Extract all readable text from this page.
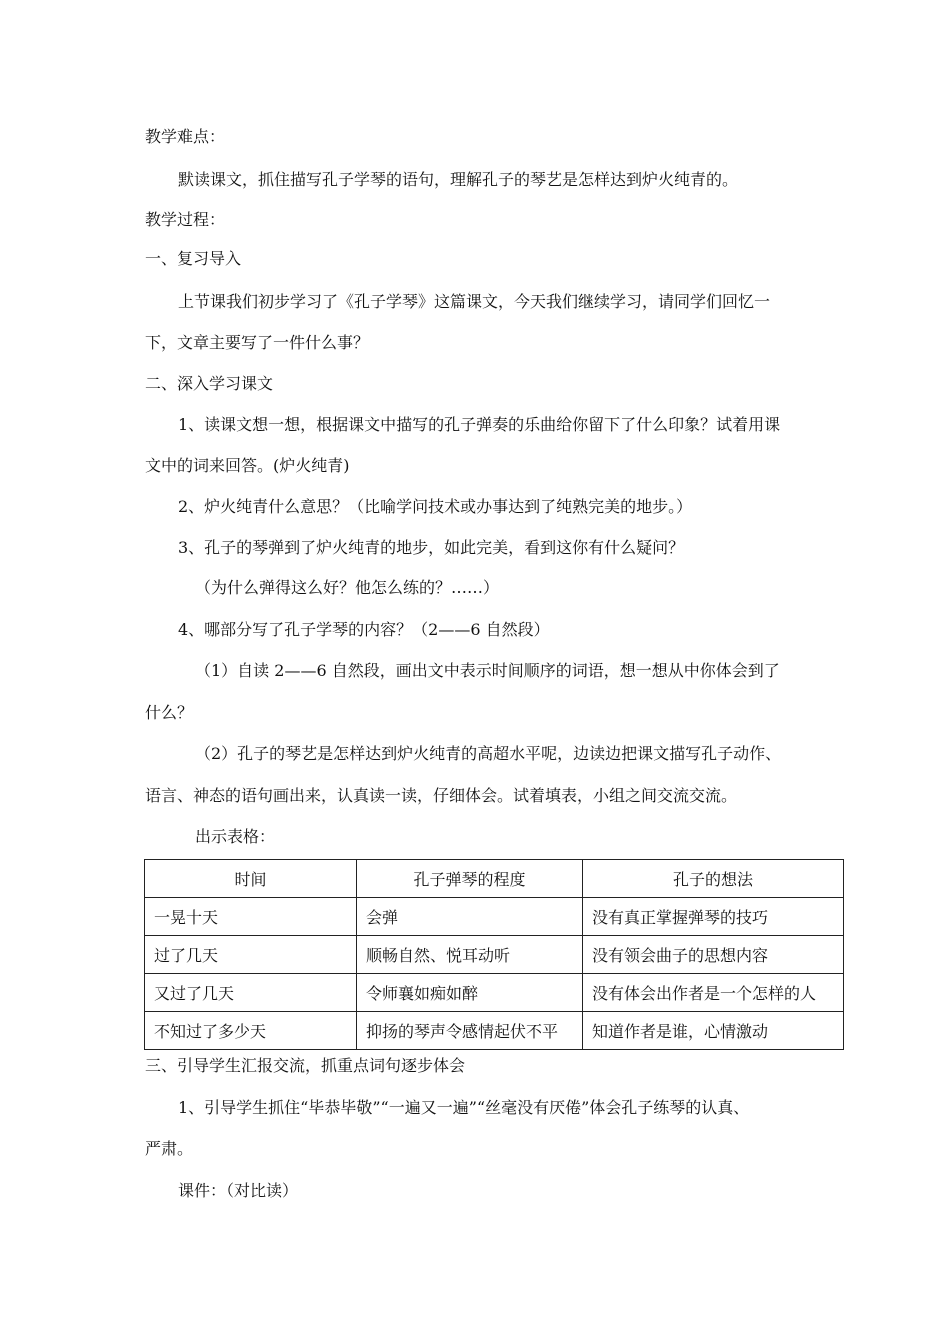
教学难点：
默读课文，抓住描写孔子学琴的语句，理解孔子的琴艺是怎样达到炉火纯青的。
教学过程：
一、复习导入
上节课我们初步学习了《孔子学琴》这篇课文，今天我们继续学习，请同学们回忆一
下，文章主要写了一件什么事？
二、深入学习课文
1、读课文想一想，根据课文中描写的孔子弹奏的乐曲给你留下了什么印象？试着用课
文中的词来回答。(炉火纯青)
2、炉火纯青什么意思？（比喻学问技术或办事达到了纯熟完美的地步。）
3、孔子的琴弹到了炉火纯青的地步，如此完美，看到这你有什么疑问？
（为什么弹得这么好？他怎么练的？……）
4、哪部分写了孔子学琴的内容？（2——6 自然段）
（1）自读 2——6 自然段，画出文中表示时间顺序的词语，想一想从中你体会到了
什么？
（2）孔子的琴艺是怎样达到炉火纯青的高超水平呢，边读边把课文描写孔子动作、
语言、神态的语句画出来，认真读一读，仔细体会。试着填表，小组之间交流交流。
出示表格：
时间	孔子弹琴的程度	孔子的想法
一晃十天	会弹	没有真正掌握弹琴的技巧
过了几天	顺畅自然、悦耳动听	没有领会曲子的思想内容
又过了几天	令师襄如痴如醉	没有体会出作者是一个怎样的人
不知过了多少天	抑扬的琴声令感情起伏不平	知道作者是谁，心情激动
三、引导学生汇报交流，抓重点词句逐步体会
1、引导学生抓住“毕恭毕敬”“一遍又一遍”“丝毫没有厌倦”体会孔子练琴的认真、
严肃。
课件：（对比读）
